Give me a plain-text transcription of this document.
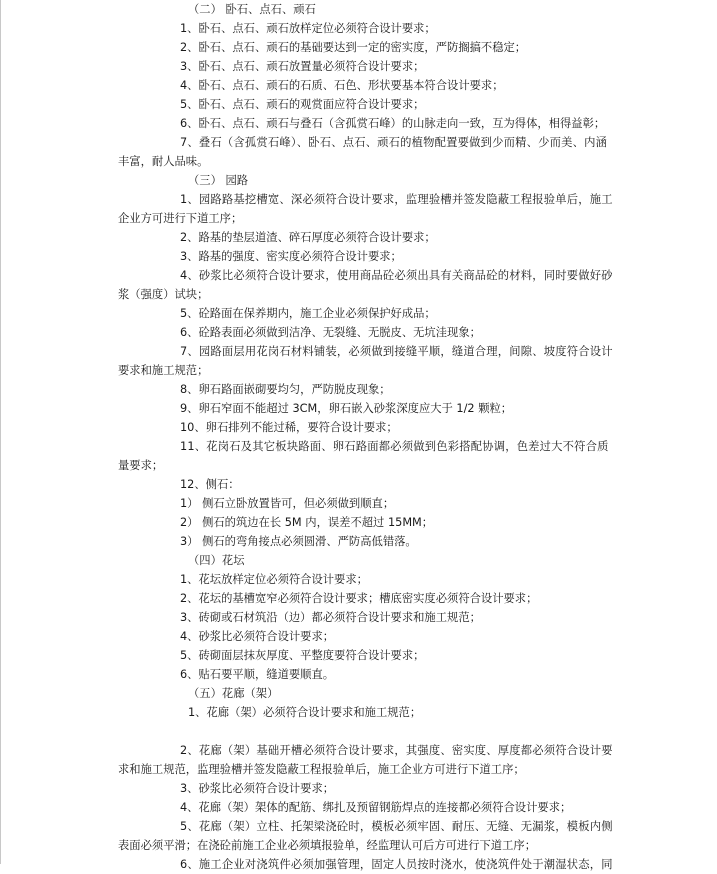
（二） 卧石、点石、顽石
1、卧石、点石、顽石放样定位必须符合设计要求；
2、卧石、点石、顽石的基础要达到一定的密实度，严防搁搞不稳定；
3、卧石、点石、顽石放置量必须符合设计要求；
4、卧石、点石、顽石的石质、石色、形状要基本符合设计要求；
5、卧石、点石、顽石的观赏面应符合设计要求；
6、卧石、点石、顽石与叠石（含孤赏石峰）的山脉走向一致，互为得体，相得益彰；
7、叠石（含孤赏石峰）、卧石、点石、顽石的植物配置要做到少而精、少而美、内涵
丰富，耐人品味。
（三） 园路
1、园路路基挖槽宽、深必须符合设计要求，监理验槽并签发隐蔽工程报验单后，施工
企业方可进行下道工序；
2、路基的垫层道渣、碎石厚度必须符合设计要求；
3、路基的强度、密实度必须符合设计要求；
4、砂浆比必须符合设计要求，使用商品砼必须出具有关商品砼的材料，同时要做好砂
浆（强度）试块；
5、砼路面在保养期内，施工企业必须保护好成品；
6、砼路表面必须做到洁净、无裂缝、无脱皮、无坑洼现象；
7、园路面层用花岗石材料铺装，必须做到接缝平顺，缝道合理，间隙、坡度符合设计
要求和施工规范；
8、卵石路面嵌砌要均匀，严防脱皮现象；
9、卵石窄面不能超过 3CM，卵石嵌入砂浆深度应大于 1/2 颗粒；
10、卵石排列不能过稀，要符合设计要求；
11、花岗石及其它板块路面、卵石路面都必须做到色彩搭配协调，色差过大不符合质
量要求；
12、侧石：
1） 侧石立卧放置皆可，但必须做到顺直；
2） 侧石的筑边在长 5M 内，误差不超过 15MM；
3） 侧石的弯角接点必须圆滑、严防高低错落。
（四）花坛
1、花坛放样定位必须符合设计要求；
2、花坛的基槽宽窄必须符合设计要求；槽底密实度必须符合设计要求；
3、砖砌或石材筑沿（边）都必须符合设计要求和施工规范；
4、砂浆比必须符合设计要求；
5、砖砌面层抹灰厚度、平整度要符合设计要求；
6、贴石要平顺，缝道要顺直。
（五）花廊（架）
1、花廊（架）必须符合设计要求和施工规范；
2、花廊（架）基础开槽必须符合设计要求，其强度、密实度、厚度都必须符合设计要
求和施工规范，监理验槽并签发隐蔽工程报验单后，施工企业方可进行下道工序；
3、砂浆比必须符合设计要求；
4、花廊（架）架体的配筋、绑扎及预留钢筋焊点的连接都必须符合设计要求；
5、花廊（架）立柱、托架梁浇砼时，模板必须牢固、耐压、无缝、无漏浆，模板内侧
表面必须平滑；在浇砼前施工企业必须填报验单，经监理认可后方可进行下道工序；
6、施工企业对浇筑件必须加强管理，固定人员按时浇水，使浇筑件处于潮湿状态，同
